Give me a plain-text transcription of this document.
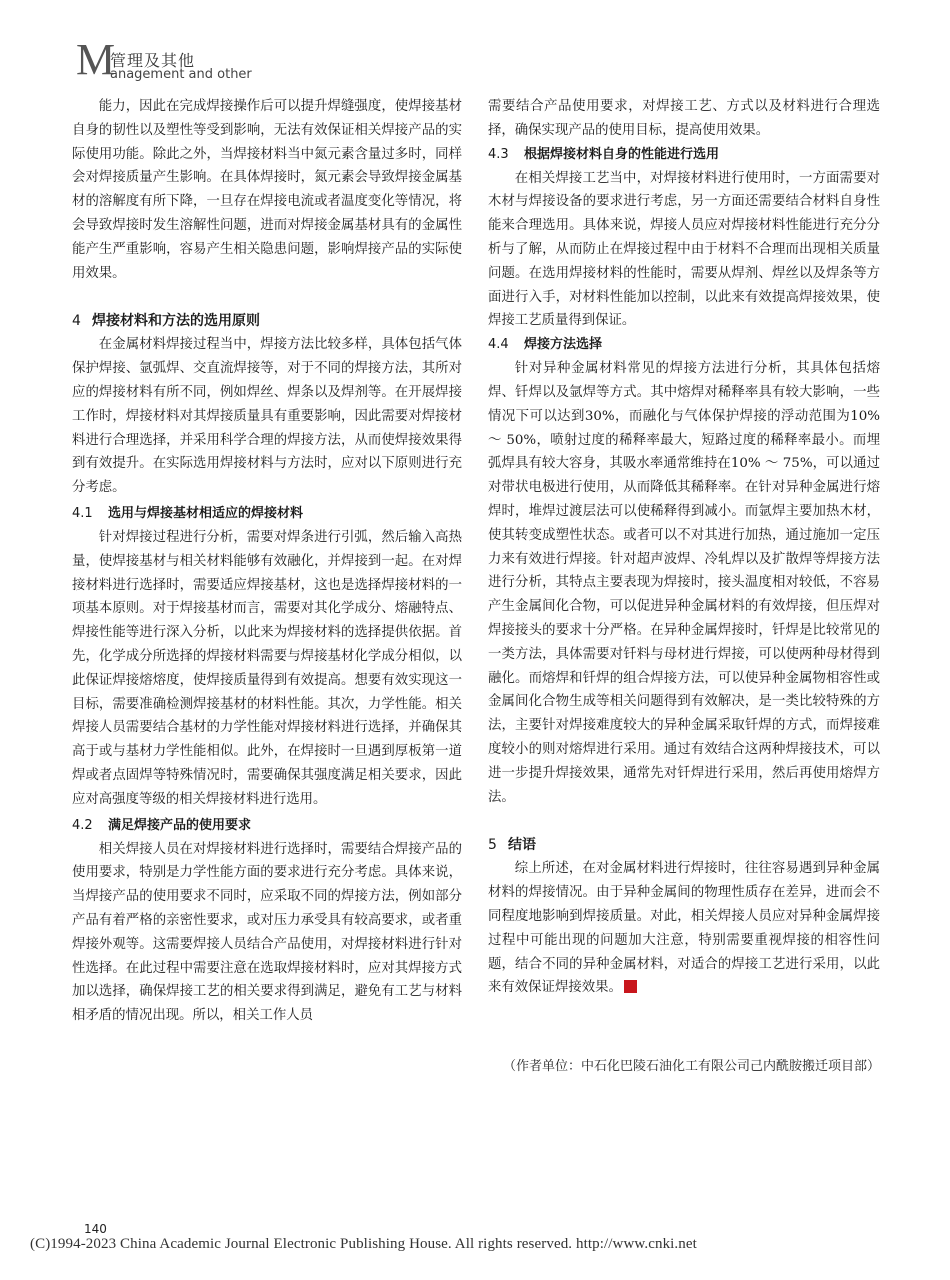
M
管理及其他
anagement and other

能力，因此在完成焊接操作后可以提升焊缝强度，使焊接基材自身的韧性以及塑性等受到影响，无法有效保证相关焊接产品的实际使用功能。除此之外，当焊接材料当中氮元素含量过多时，同样会对焊接质量产生影响。在具体焊接时，氮元素会导致焊接金属基材的溶解度有所下降，一旦存在焊接电流或者温度变化等情况，将会导致焊接时发生溶解性问题，进而对焊接金属基材具有的金属性能产生严重影响，容易产生相关隐患问题，影响焊接产品的实际使用效果。

4 焊接材料和方法的选用原则

在金属材料焊接过程当中，焊接方法比较多样，具体包括气体保护焊接、氩弧焊、交直流焊接等，对于不同的焊接方法，其所对应的焊接材料有所不同，例如焊丝、焊条以及焊剂等。在开展焊接工作时，焊接材料对其焊接质量具有重要影响，因此需要对焊接材料进行合理选择，并采用科学合理的焊接方法，从而使焊接效果得到有效提升。在实际选用焊接材料与方法时，应对以下原则进行充分考虑。

4.1 选用与焊接基材相适应的焊接材料

针对焊接过程进行分析，需要对焊条进行引弧，然后输入高热量，使焊接基材与相关材料能够有效融化，并焊接到一起。在对焊接材料进行选择时，需要适应焊接基材，这也是选择焊接材料的一项基本原则。对于焊接基材而言，需要对其化学成分、熔融特点、焊接性能等进行深入分析，以此来为焊接材料的选择提供依据。首先，化学成分所选择的焊接材料需要与焊接基材化学成分相似，以此保证焊接熔熔度，使焊接质量得到有效提高。想要有效实现这一目标，需要准确检测焊接基材的材料性能。其次，力学性能。相关焊接人员需要结合基材的力学性能对焊接材料进行选择，并确保其高于或与基材力学性能相似。此外，在焊接时一旦遇到厚板第一道焊或者点固焊等特殊情况时，需要确保其强度满足相关要求，因此应对高强度等级的相关焊接材料进行选用。

4.2 满足焊接产品的使用要求

相关焊接人员在对焊接材料进行选择时，需要结合焊接产品的使用要求，特别是力学性能方面的要求进行充分考虑。具体来说，当焊接产品的使用要求不同时，应采取不同的焊接方法，例如部分产品有着严格的亲密性要求，或对压力承受具有较高要求，或者重焊接外观等。这需要焊接人员结合产品使用，对焊接材料进行针对性选择。在此过程中需要注意在选取焊接材料时，应对其焊接方式加以选择，确保焊接工艺的相关要求得到满足，避免有工艺与材料相矛盾的情况出现。所以，相关工作人员

需要结合产品使用要求，对焊接工艺、方式以及材料进行合理选择，确保实现产品的使用目标，提高使用效果。

4.3 根据焊接材料自身的性能进行选用

在相关焊接工艺当中，对焊接材料进行使用时，一方面需要对木材与焊接设备的要求进行考虑，另一方面还需要结合材料自身性能来合理选用。具体来说，焊接人员应对焊接材料性能进行充分分析与了解，从而防止在焊接过程中由于材料不合理而出现相关质量问题。在选用焊接材料的性能时，需要从焊剂、焊丝以及焊条等方面进行入手，对材料性能加以控制，以此来有效提高焊接效果，使焊接工艺质量得到保证。

4.4 焊接方法选择

针对异种金属材料常见的焊接方法进行分析，其具体包括熔焊、钎焊以及氩焊等方式。其中熔焊对稀释率具有较大影响，一些情况下可以达到30%，而融化与气体保护焊接的浮动范围为10% ～ 50%，喷射过度的稀释率最大，短路过度的稀释率最小。而埋弧焊具有较大容身，其吸水率通常维持在10% ～ 75%，可以通过对带状电极进行使用，从而降低其稀释率。在针对异种金属进行熔焊时，堆焊过渡层法可以使稀释得到减小。而氩焊主要加热木材，使其转变成塑性状态。或者可以不对其进行加热，通过施加一定压力来有效进行焊接。针对超声波焊、冷轧焊以及扩散焊等焊接方法进行分析，其特点主要表现为焊接时，接头温度相对较低，不容易产生金属间化合物，可以促进异种金属材料的有效焊接，但压焊对焊接接头的要求十分严格。在异种金属焊接时，钎焊是比较常见的一类方法，具体需要对钎料与母材进行焊接，可以使两种母材得到融化。而熔焊和钎焊的组合焊接方法，可以使异种金属物相容性或金属间化合物生成等相关问题得到有效解决，是一类比较特殊的方法，主要针对焊接难度较大的异种金属采取钎焊的方式，而焊接难度较小的则对熔焊进行采用。通过有效结合这两种焊接技术，可以进一步提升焊接效果，通常先对钎焊进行采用，然后再使用熔焊方法。

5 结语

综上所述，在对金属材料进行焊接时，往往容易遇到异种金属材料的焊接情况。由于异种金属间的物理性质存在差异，进而会不同程度地影响到焊接质量。对此，相关焊接人员应对异种金属焊接过程中可能出现的问题加大注意，特别需要重视焊接的相容性问题，结合不同的异种金属材料，对适合的焊接工艺进行采用，以此来有效保证焊接效果。

（作者单位：中石化巴陵石油化工有限公司己内酰胺搬迁项目部）
140
(C)1994-2023 China Academic Journal Electronic Publishing House. All rights reserved. http://www.cnki.net
